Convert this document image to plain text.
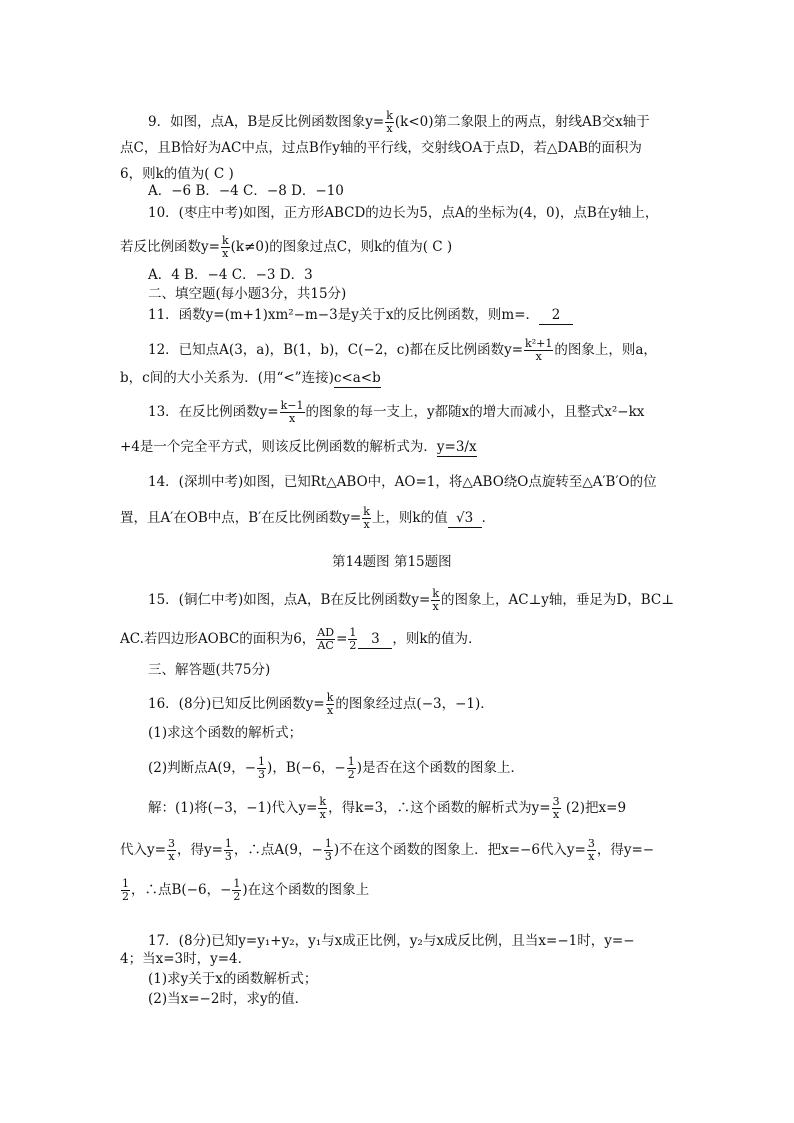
9．如图，点A，B是反比例函数图象$y= \frac{k}{x} (k<0)$第二象限上的两点，射线AB交x轴于
点C，且B恰好为AC中点，过点B作y轴的平行线，交射线OA于点D，若△DAB的面积为
6，则k的值为( C )
A．−6 B．−4 C．−8 D．−10
10．(枣庄中考)如图，正方形ABCD的边长为5，点A的坐标为(4，0)，点B在y轴上，
若反比例函数$y= \frac{k}{x} (k\ne 0)$的图象过点C，则k的值为( C )
A．4 B．−4 C．−3 D．3
二、填空题(每小题3分，共15分)
11．函数y=(m+1)xm²−m−3是y关于x的反比例函数，则m=． 2
12．已知点A(3，a)，B(1，b)，C(−2，c)都在反比例函数$y= \frac{\text{k²+1}}{x}$ 的图象上，则a，
b，c间的大小关系为．(用“<”连接)c<a<b
13．在反比例函数$y= \frac{k-1}{x}$ 的图象的每一支上，y都随x的增大而减小，且整式x²−kx
+4是一个完全平方式，则该反比例函数的解析式为．y=3/x
14．(深圳中考)如图，已知Rt△ABO中，AO=1，将△ABO绕O点旋转至△A′B′O的位
置，且A′在OB中点，B′在反比例函数$y= \frac{k}{x}$ 上，则k的值 √3 ．
第14题图 第15题图
15．(铜仁中考)如图，点A，B在反比例函数$y= \frac{k}{x}$ 的图象上，AC⊥y轴，垂足为D，BC⊥
AC.若四边形AOBC的面积为6， $\frac{AD}{AC} = \frac{1}{2} 3$ ，则k的值为．
三、解答题(共75分)
16．(8分)已知反比例函数$y= \frac{k}{x}$ 的图象经过点(−3，−1)．
(1)求这个函数的解析式；
(2)判断点A(9，− $\frac{1}{3}$ )，B(−6，− $\frac{1}{2}$ )是否在这个函数的图象上．
解：(1)将(−3，−1)代入$y= \frac{k}{x}$ ，得k=3，∴这个函数的解析式为$y= \frac{3}{x} (2)$把x=9
代入$y= \frac{3}{x}$ ，得$y= \frac{1}{3}$ ，∴点A(9，− $\frac{1}{3}$ )不在这个函数的图象上．把x=−6代入$y= \frac{3}{x}$ ，得y=−
$\frac{1}{2}$ ，∴点B(−6，− $\frac{1}{2}$ )在这个函数的图象上
17．(8分)已知y=y₁+y₂，y₁与x成正比例，y₂与x成反比例，且当x=−1时，y=−
4；当x=3时，y=4．
(1)求y关于x的函数解析式；
(2)当x=−2时，求y的值．
